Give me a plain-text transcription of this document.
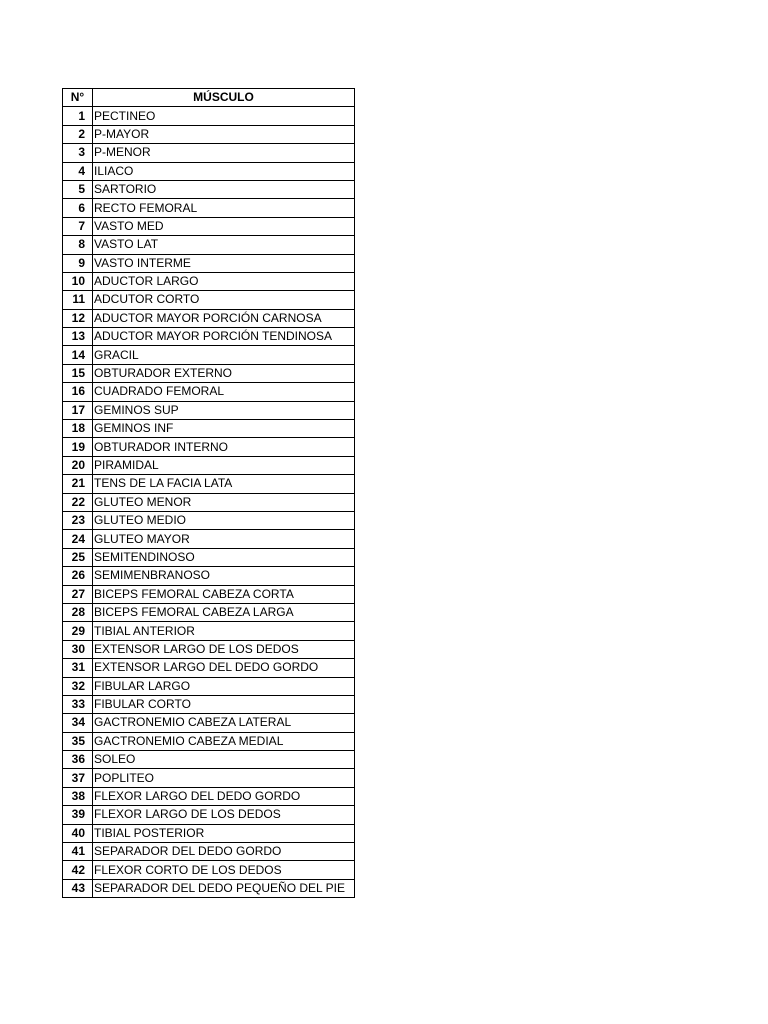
N°	MÚSCULO
1	PECTINEO
2	P-MAYOR
3	P-MENOR
4	ILIACO
5	SARTORIO
6	RECTO FEMORAL
7	VASTO MED
8	VASTO LAT
9	VASTO INTERME
10	ADUCTOR LARGO
11	ADCUTOR CORTO
12	ADUCTOR MAYOR PORCIÓN CARNOSA
13	ADUCTOR MAYOR PORCIÓN TENDINOSA
14	GRACIL
15	OBTURADOR EXTERNO
16	CUADRADO FEMORAL
17	GEMINOS SUP
18	GEMINOS INF
19	OBTURADOR INTERNO
20	PIRAMIDAL
21	TENS DE LA FACIA LATA
22	GLUTEO MENOR
23	GLUTEO MEDIO
24	GLUTEO MAYOR
25	SEMITENDINOSO
26	SEMIMENBRANOSO
27	BICEPS FEMORAL CABEZA CORTA
28	BICEPS FEMORAL CABEZA LARGA
29	TIBIAL ANTERIOR
30	EXTENSOR LARGO DE LOS DEDOS
31	EXTENSOR LARGO DEL DEDO GORDO
32	FIBULAR LARGO
33	FIBULAR CORTO
34	GACTRONEMIO CABEZA LATERAL
35	GACTRONEMIO CABEZA MEDIAL
36	SOLEO
37	POPLITEO
38	FLEXOR LARGO DEL DEDO GORDO
39	FLEXOR LARGO DE LOS DEDOS
40	TIBIAL POSTERIOR
41	SEPARADOR DEL DEDO GORDO
42	FLEXOR CORTO DE LOS DEDOS
43	SEPARADOR DEL DEDO PEQUEÑO DEL PIE
